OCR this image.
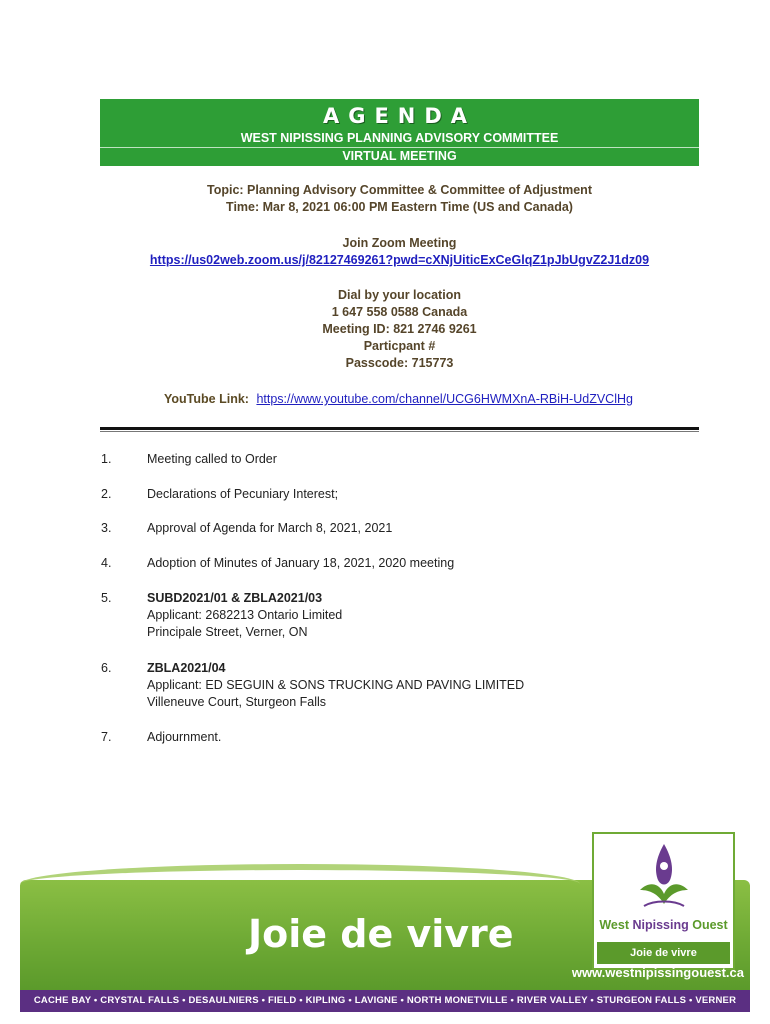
AGENDA
WEST NIPISSING PLANNING ADVISORY COMMITTEE
VIRTUAL MEETING
Topic: Planning Advisory Committee & Committee of Adjustment
Time: Mar 8, 2021 06:00 PM Eastern Time (US and Canada)
Join Zoom Meeting
https://us02web.zoom.us/j/82127469261?pwd=cXNjUiticExCeGlqZ1pJbUgvZ2J1dz09
Dial by your location
1 647 558 0588 Canada
Meeting ID: 821 2746 9261
Particpant #
Passcode: 715773
YouTube Link: https://www.youtube.com/channel/UCG6HWMXnA-RBiH-UdZVClHg
1.	Meeting called to Order
2.	Declarations of Pecuniary Interest;
3.	Approval of Agenda for March 8, 2021, 2021
4.	Adoption of Minutes of January 18, 2021, 2020 meeting
5.	SUBD2021/01 & ZBLA2021/03
Applicant: 2682213 Ontario Limited
Principale Street, Verner, ON
6.	ZBLA2021/04
Applicant: ED SEGUIN & SONS TRUCKING AND PAVING LIMITED
Villeneuve Court, Sturgeon Falls
7.	Adjournment.
Joie de vivre	West Nipissing Ouest
Joie de vivre
www.westnipissingouest.ca
CACHE BAY • CRYSTAL FALLS • DESAULNIERS • FIELD • KIPLING • LAVIGNE • NORTH MONETVILLE • RIVER VALLEY • STURGEON FALLS • VERNER
